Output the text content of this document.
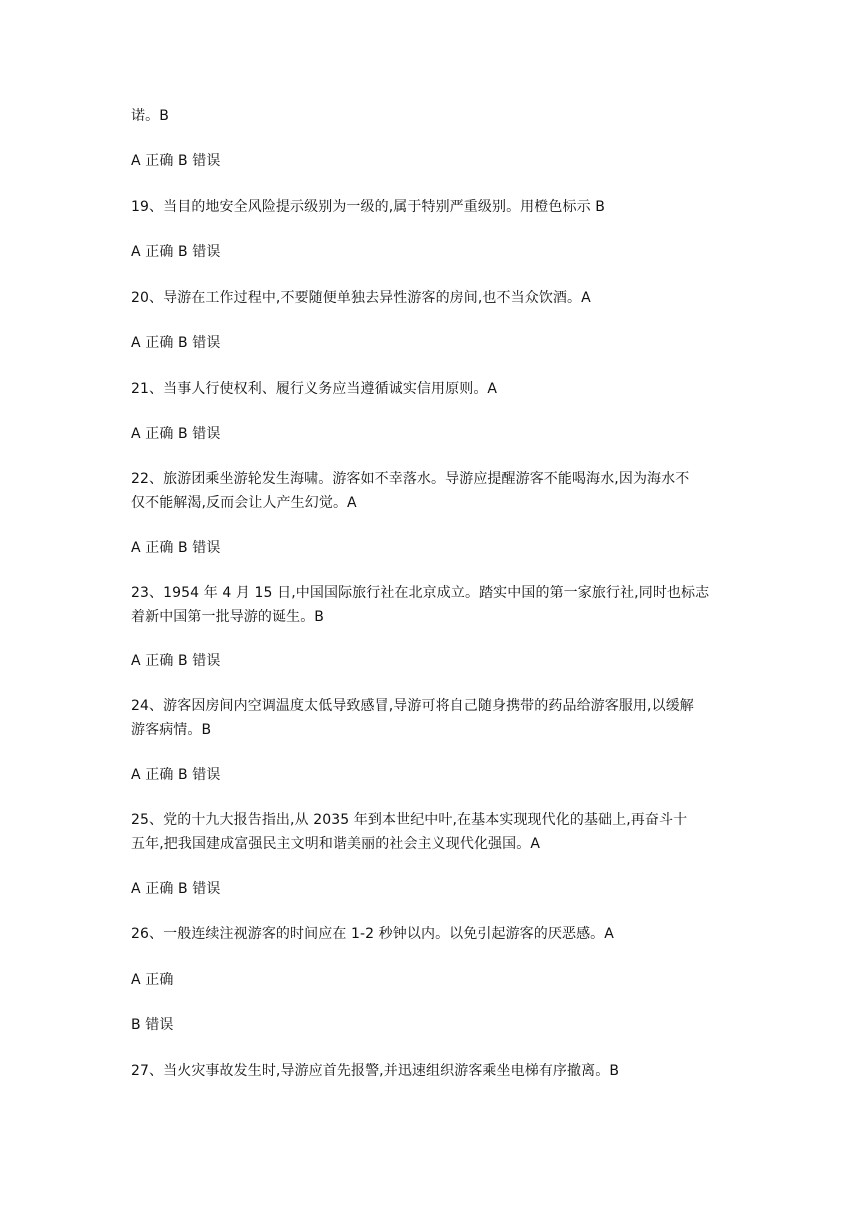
诺。B
A 正确 B 错误
19、当目的地安全风险提示级别为一级的,属于特别严重级别。用橙色标示 B
A 正确 B 错误
20、导游在工作过程中,不要随便单独去异性游客的房间,也不当众饮酒。A
A 正确 B 错误
21、当事人行使权利、履行义务应当遵循诚实信用原则。A
A 正确 B 错误
22、旅游团乘坐游轮发生海啸。游客如不幸落水。导游应提醒游客不能喝海水,因为海水不
仅不能解渴,反而会让人产生幻觉。A
A 正确 B 错误
23、1954 年 4 月 15 日,中国国际旅行社在北京成立。踏实中国的第一家旅行社,同时也标志
着新中国第一批导游的诞生。B
A 正确 B 错误
24、游客因房间内空调温度太低导致感冒,导游可将自己随身携带的药品给游客服用,以缓解
游客病情。B
A 正确 B 错误
25、党的十九大报告指出,从 2035 年到本世纪中叶,在基本实现现代化的基础上,再奋斗十
五年,把我国建成富强民主文明和谐美丽的社会主义现代化强国。A
A 正确 B 错误
26、一般连续注视游客的时间应在 1-2 秒钟以内。以免引起游客的厌恶感。A
A 正确
B 错误
27、当火灾事故发生时,导游应首先报警,并迅速组织游客乘坐电梯有序撤离。B
